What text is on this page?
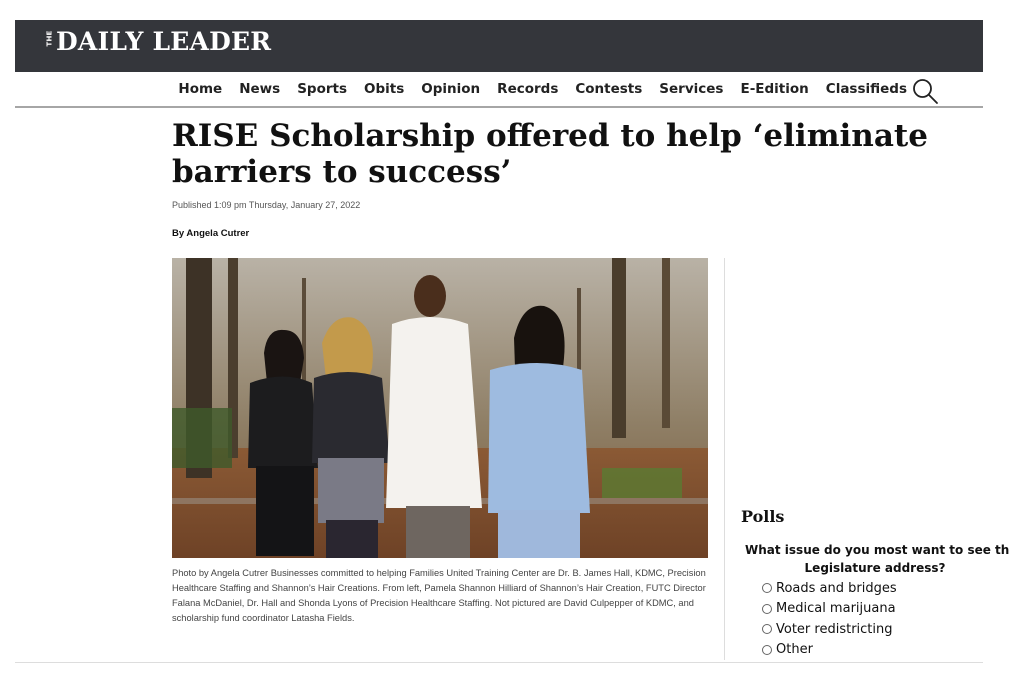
THE DAILY LEADER
Home News Sports Obits Opinion Records Contests Services E-Edition Classifieds
RISE Scholarship offered to help ‘eliminate barriers to success’
Published 1:09 pm Thursday, January 27, 2022
By Angela Cutrer
Photo by Angela Cutrer Businesses committed to helping Families United Training Center are Dr. B. James Hall, KDMC, Precision Healthcare Staffing and Shannon’s Hair Creations. From left, Pamela Shannon Hilliard of Shannon’s Hair Creation, FUTC Director Falana McDaniel, Dr. Hall and Shonda Lyons of Precision Healthcare Staffing. Not pictured are David Culpepper of KDMC, and scholarship fund coordinator Latasha Fields.
Polls
What issue do you most want to see th
Legislature address?
Roads and bridges
Medical marijuana
Voter redistricting
Other
